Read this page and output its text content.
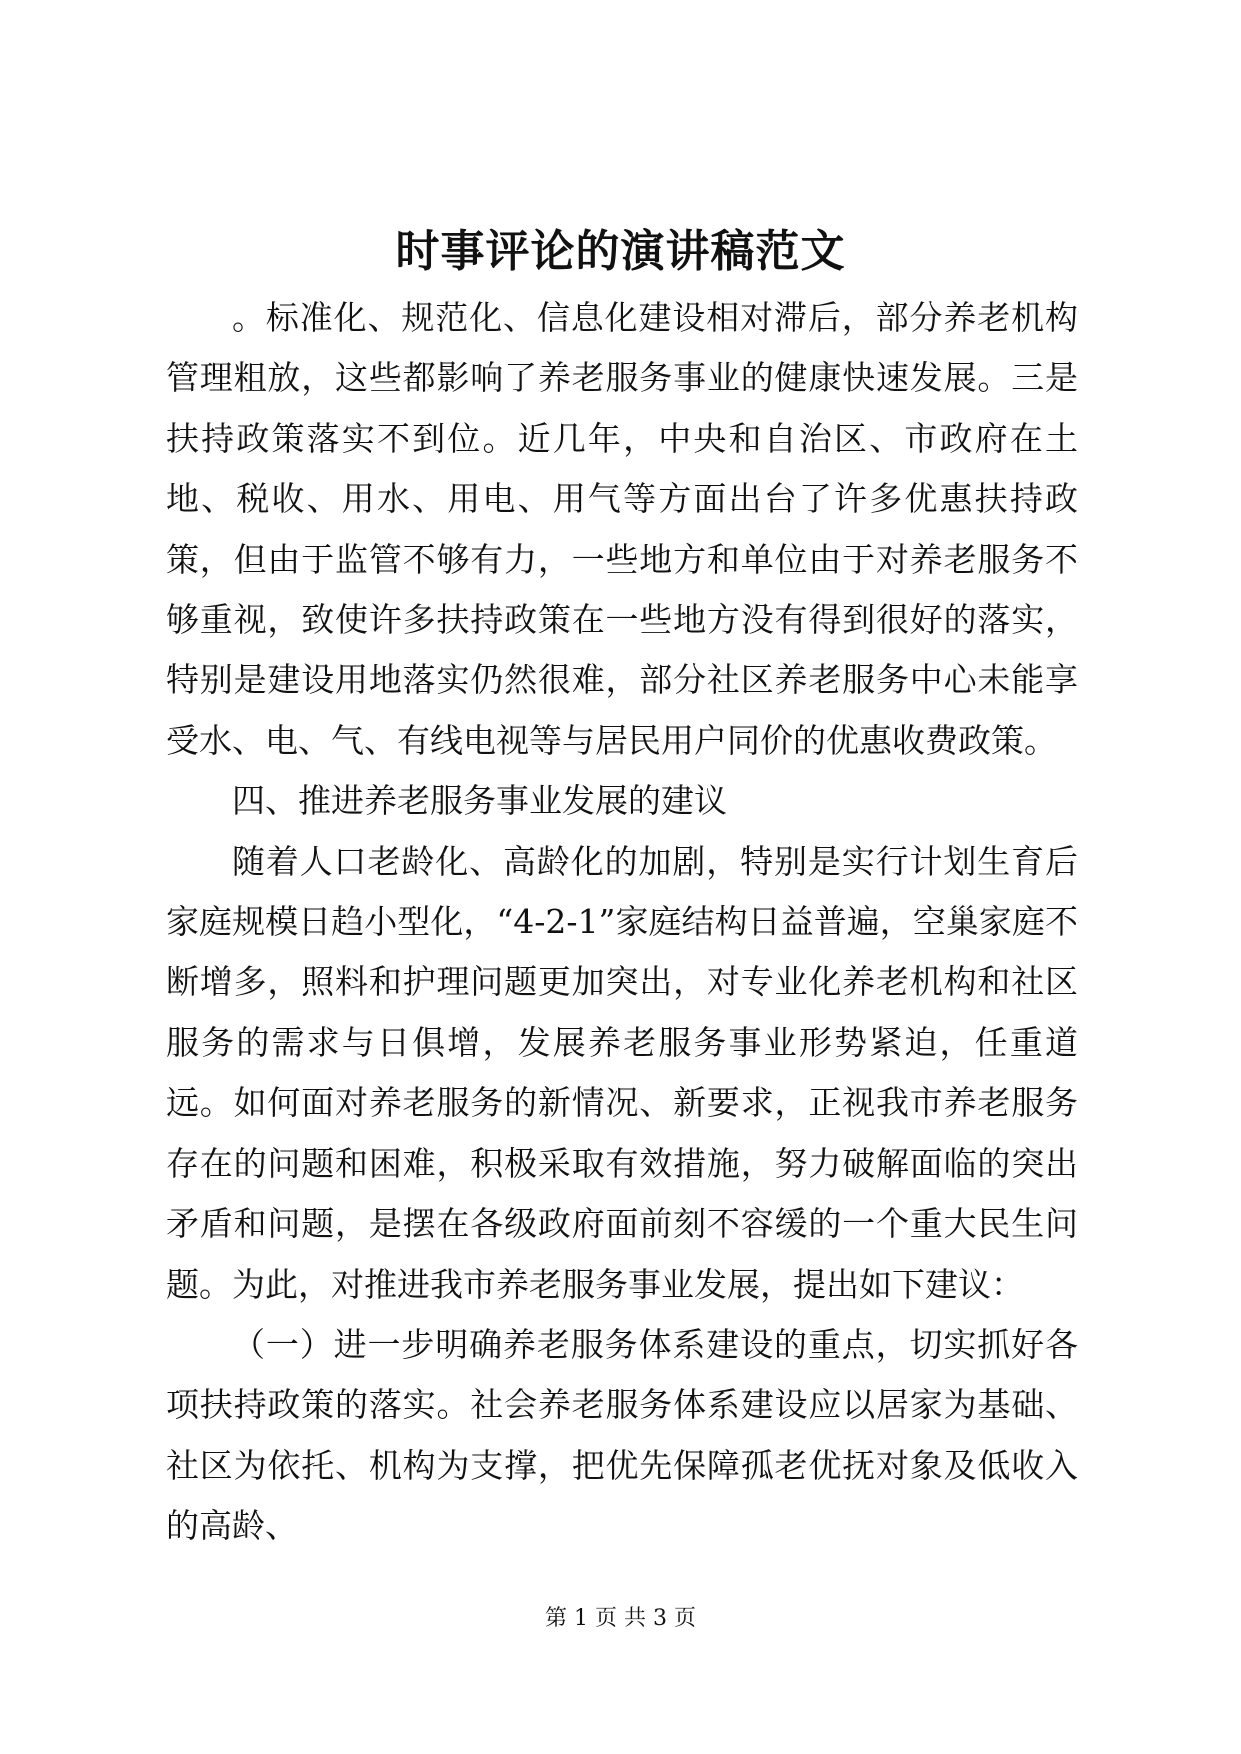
时事评论的演讲稿范文

。标准化、规范化、信息化建设相对滞后，部分养老机构管理粗放，这些都影响了养老服务事业的健康快速发展。三是扶持政策落实不到位。近几年，中央和自治区、市政府在土地、税收、用水、用电、用气等方面出台了许多优惠扶持政策，但由于监管不够有力，一些地方和单位由于对养老服务不够重视，致使许多扶持政策在一些地方没有得到很好的落实，特别是建设用地落实仍然很难，部分社区养老服务中心未能享受水、电、气、有线电视等与居民用户同价的优惠收费政策。

四、推进养老服务事业发展的建议

随着人口老龄化、高龄化的加剧，特别是实行计划生育后家庭规模日趋小型化，“4-2-1”家庭结构日益普遍，空巢家庭不断增多，照料和护理问题更加突出，对专业化养老机构和社区服务的需求与日俱增，发展养老服务事业形势紧迫，任重道远。如何面对养老服务的新情况、新要求，正视我市养老服务存在的问题和困难，积极采取有效措施，努力破解面临的突出矛盾和问题，是摆在各级政府面前刻不容缓的一个重大民生问题。为此，对推进我市养老服务事业发展，提出如下建议：

（一）进一步明确养老服务体系建设的重点，切实抓好各项扶持政策的落实。社会养老服务体系建设应以居家为基础、社区为依托、机构为支撑，把优先保障孤老优抚对象及低收入的高龄、

第 1 页 共 3 页
